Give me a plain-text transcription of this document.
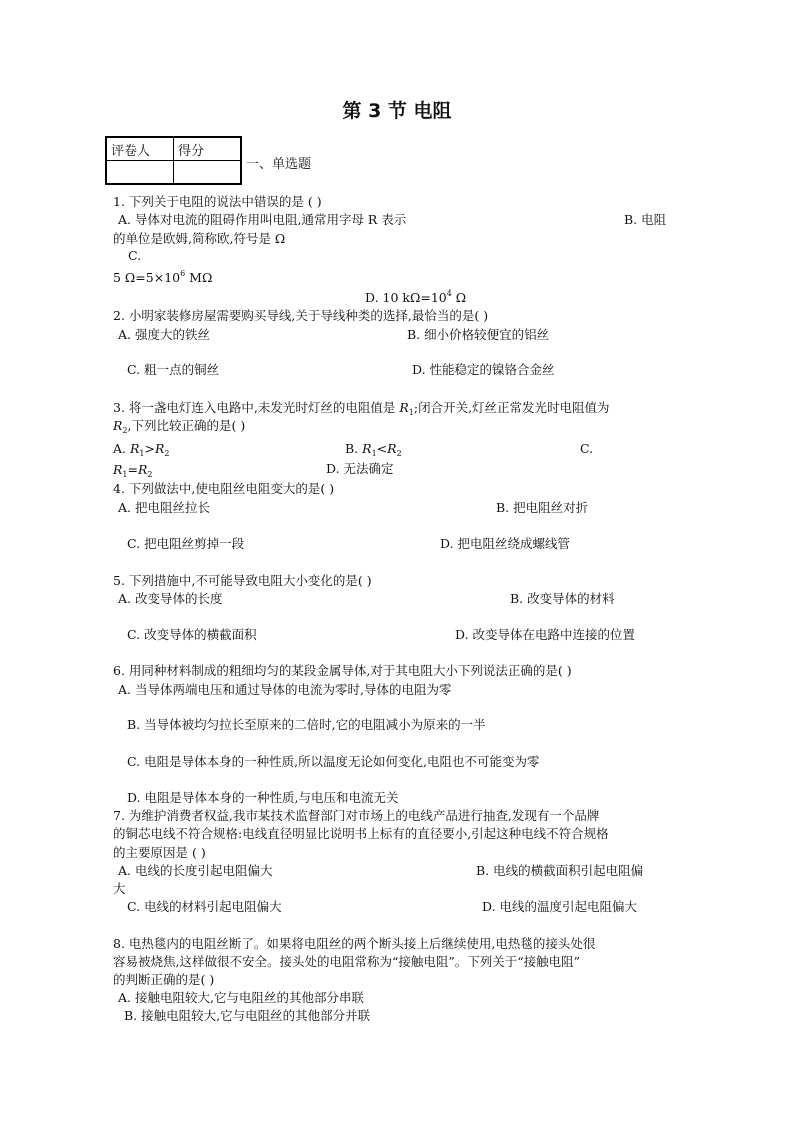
第 3 节 电阻
评卷人	得分

一、单选题
1. 下列关于电阻的说法中错误的是 ( )
A. 导体对电流的阻碍作用叫电阻,通常用字母 R 表示	B. 电阻
的单位是欧姆,简称欧,符号是 Ω
C.
5 $\Omega=5\times 10^6$ MΩ
D. 10 $k\Omega=10^4$ Ω
2. 小明家装修房屋需要购买导线,关于导线种类的选择,最恰当的是( )
A. 强度大的铁丝	B. 细小价格较便宜的铝丝
C. 粗一点的铜丝	D. 性能稳定的镍铬合金丝
3. 将一盏电灯连入电路中,未发光时灯丝的电阻值是 $R_1$;闭合开关,灯丝正常发光时电阻值为
$R_2$,下列比较正确的是( )
A. $R_1>R_2$	B. $R_1<R_2$	C.
$R_1=R_2$	D. 无法确定
4. 下列做法中,使电阻丝电阻变大的是( )
A. 把电阻丝拉长	B. 把电阻丝对折
C. 把电阻丝剪掉一段	D. 把电阻丝绕成螺线管
5. 下列措施中,不可能导致电阻大小变化的是( )
A. 改变导体的长度	B. 改变导体的材料
C. 改变导体的横截面积	D. 改变导体在电路中连接的位置
6. 用同种材料制成的粗细均匀的某段金属导体,对于其电阻大小下列说法正确的是( )
A. 当导体两端电压和通过导体的电流为零时,导体的电阻为零
B. 当导体被均匀拉长至原来的二倍时,它的电阻减小为原来的一半
C. 电阻是导体本身的一种性质,所以温度无论如何变化,电阻也不可能变为零
D. 电阻是导体本身的一种性质,与电压和电流无关
7. 为维护消费者权益,我市某技术监督部门对市场上的电线产品进行抽查,发现有一个品牌
的铜芯电线不符合规格:电线直径明显比说明书上标有的直径要小,引起这种电线不符合规格
的主要原因是 ( )
A. 电线的长度引起电阻偏大	B. 电线的横截面积引起电阻偏
大
C. 电线的材料引起电阻偏大	D. 电线的温度引起电阻偏大
8. 电热毯内的电阻丝断了。如果将电阻丝的两个断头接上后继续使用,电热毯的接头处很
容易被烧焦,这样做很不安全。接头处的电阻常称为“接触电阻”。下列关于“接触电阻”
的判断正确的是( )
A. 接触电阻较大,它与电阻丝的其他部分串联
B. 接触电阻较大,它与电阻丝的其他部分并联
